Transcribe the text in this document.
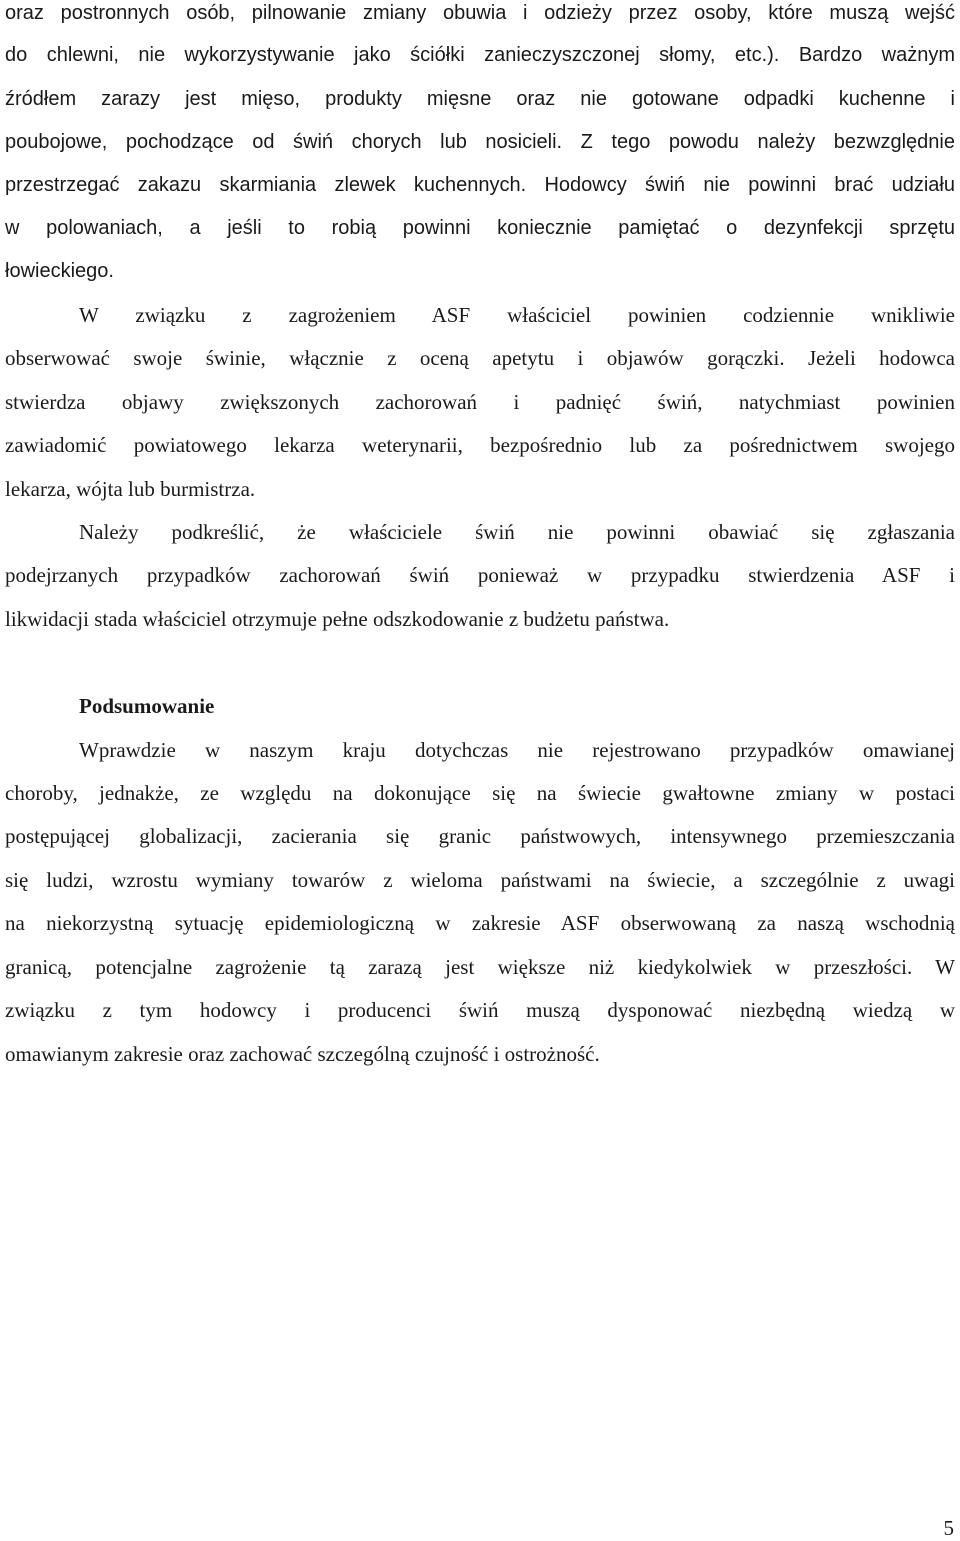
oraz postronnych osób, pilnowanie zmiany obuwia i odzieży przez osoby, które muszą wejść
do chlewni, nie wykorzystywanie jako ściółki zanieczyszczonej słomy, etc.). Bardzo ważnym
źródłem zarazy jest mięso, produkty mięsne oraz nie gotowane odpadki kuchenne i
poubojowe, pochodzące od świń chorych lub nosicieli. Z tego powodu należy bezwzględnie
przestrzegać zakazu skarmiania zlewek kuchennych. Hodowcy świń nie powinni brać udziału
w polowaniach, a jeśli to robią powinni koniecznie pamiętać o dezynfekcji sprzętu
łowieckiego.
W związku z zagrożeniem ASF właściciel powinien codziennie wnikliwie
obserwować swoje świnie, włącznie z oceną apetytu i objawów gorączki. Jeżeli hodowca
stwierdza objawy zwiększonych zachorowań i padnięć świń, natychmiast powinien
zawiadomić powiatowego lekarza weterynarii, bezpośrednio lub za pośrednictwem swojego
lekarza, wójta lub burmistrza.
Należy podkreślić, że właściciele świń nie powinni obawiać się zgłaszania
podejrzanych przypadków zachorowań świń ponieważ w przypadku stwierdzenia ASF i
likwidacji stada właściciel otrzymuje pełne odszkodowanie z budżetu państwa.
Podsumowanie
Wprawdzie w naszym kraju dotychczas nie rejestrowano przypadków omawianej
choroby, jednakże, ze względu na dokonujące się na świecie gwałtowne zmiany w postaci
postępującej globalizacji, zacierania się granic państwowych, intensywnego przemieszczania
się ludzi, wzrostu wymiany towarów z wieloma państwami na świecie, a szczególnie z uwagi
na niekorzystną sytuację epidemiologiczną w zakresie ASF obserwowaną za naszą wschodnią
granicą, potencjalne zagrożenie tą zarazą jest większe niż kiedykolwiek w przeszłości. W
związku z tym hodowcy i producenci świń muszą dysponować niezbędną wiedzą w
omawianym zakresie oraz zachować szczególną czujność i ostrożność.
5
